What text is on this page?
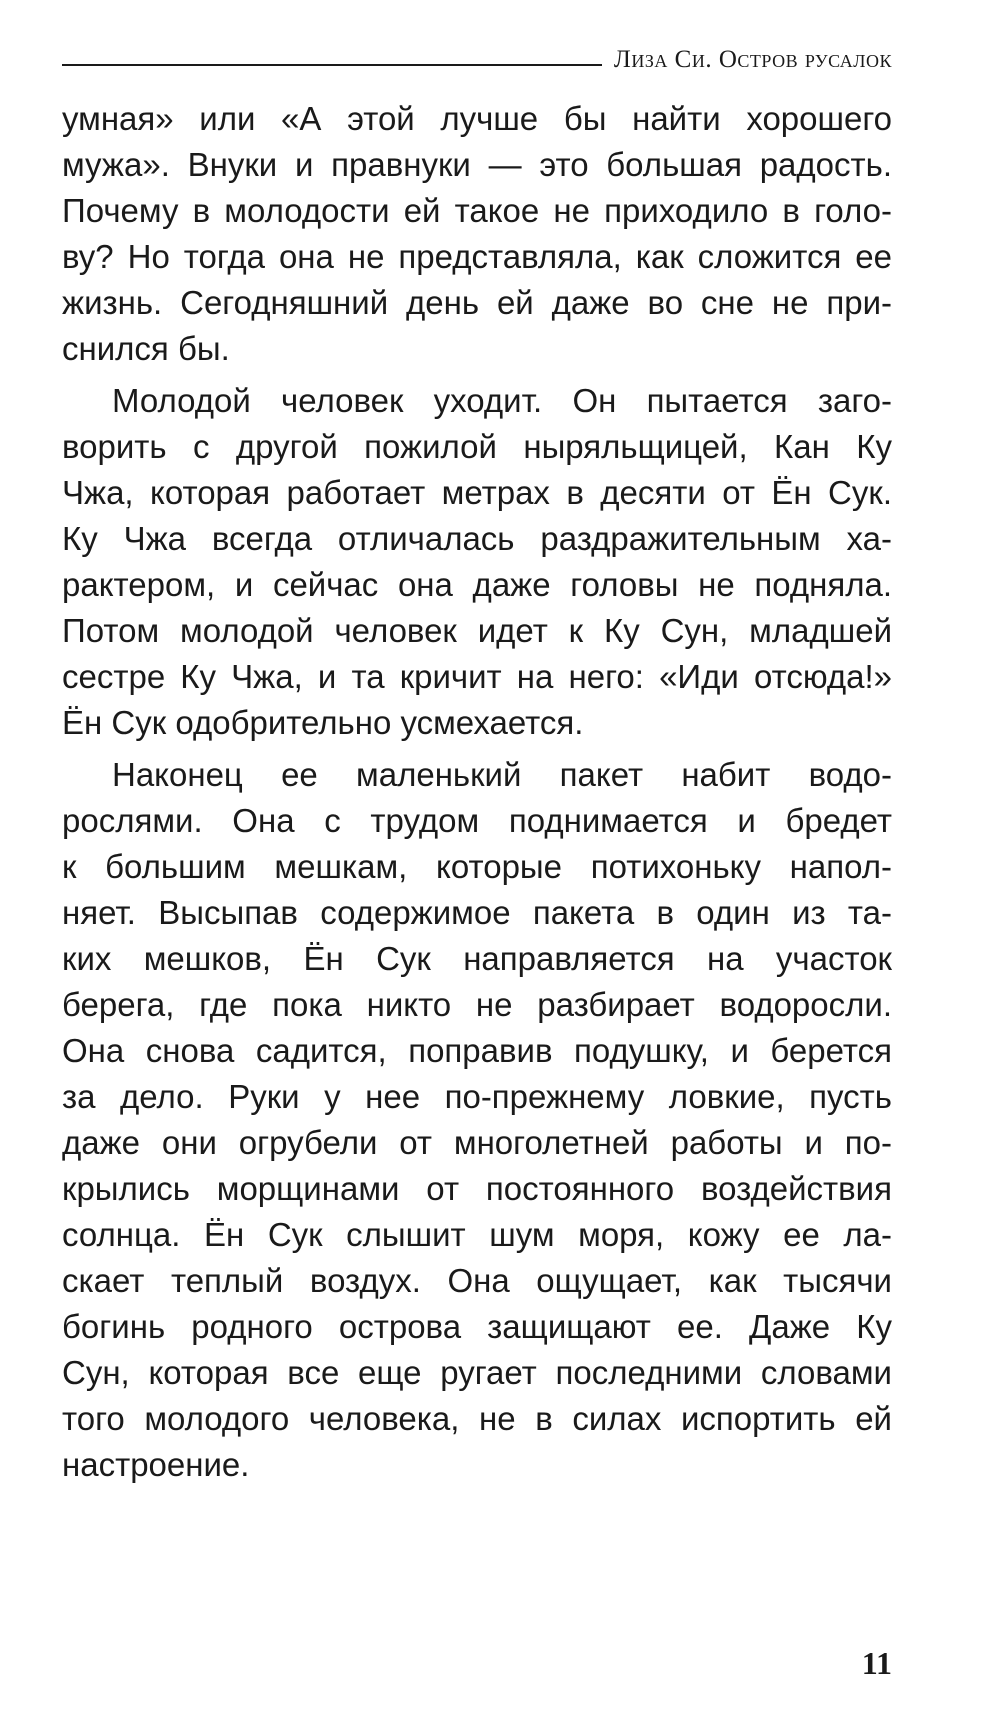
Лиза Си. Остров русалок
умная» или «А этой лучше бы найти хорошего
мужа». Внуки и правнуки — это большая радость.
Почему в молодости ей такое не приходило в голо-
ву? Но тогда она не представляла, как сложится ее
жизнь. Сегодняшний день ей даже во сне не при-
снился бы.
Молодой человек уходит. Он пытается заго-
ворить с другой пожилой ныряльщицей, Кан Ку
Чжа, которая работает метрах в десяти от Ён Сук.
Ку Чжа всегда отличалась раздражительным ха-
рактером, и сейчас она даже головы не подняла.
Потом молодой человек идет к Ку Сун, младшей
сестре Ку Чжа, и та кричит на него: «Иди отсюда!»
Ён Сук одобрительно усмехается.
Наконец ее маленький пакет набит водо-
рослями. Она с трудом поднимается и бредет
к большим мешкам, которые потихоньку напол-
няет. Высыпав содержимое пакета в один из та-
ких мешков, Ён Сук направляется на участок
берега, где пока никто не разбирает водоросли.
Она снова садится, поправив подушку, и берется
за дело. Руки у нее по-прежнему ловкие, пусть
даже они огрубели от многолетней работы и по-
крылись морщинами от постоянного воздействия
солнца. Ён Сук слышит шум моря, кожу ее ла-
скает теплый воздух. Она ощущает, как тысячи
богинь родного острова защищают ее. Даже Ку
Сун, которая все еще ругает последними словами
того молодого человека, не в силах испортить ей
настроение.
11
